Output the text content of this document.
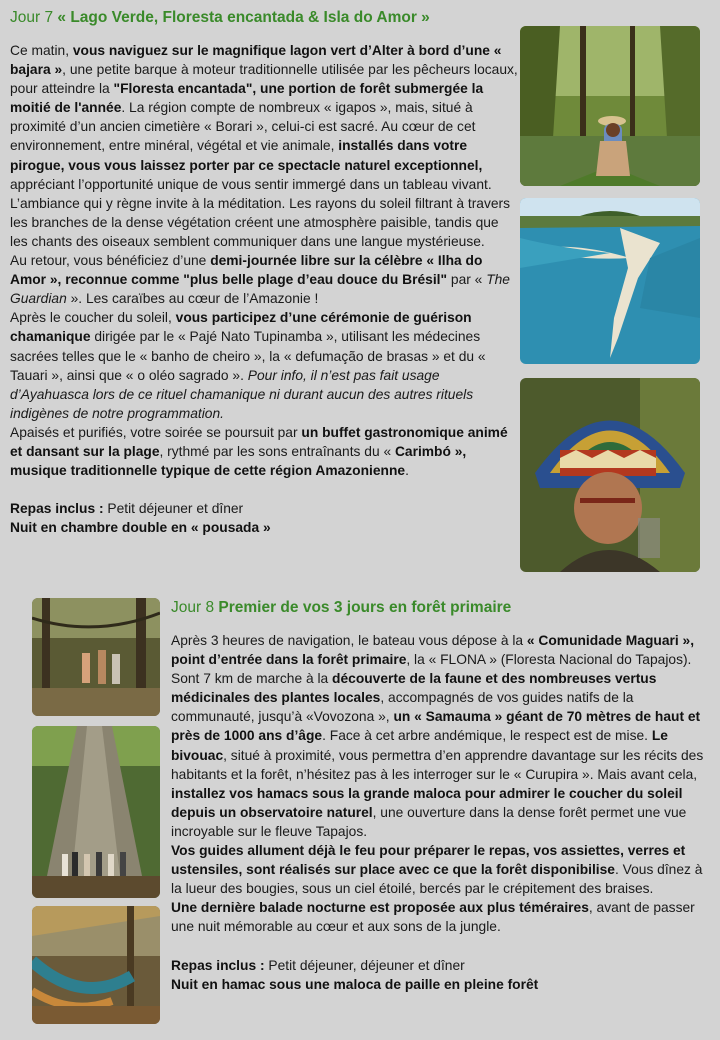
Jour 7 « Lago Verde, Floresta encantada & Isla do Amor »

Ce matin, vous naviguez sur le magnifique lagon vert d’Alter à bord d’une « bajara », une petite barque à moteur traditionnelle utilisée par les pêcheurs locaux, pour atteindre la "Floresta encantada", une portion de forêt submergée la moitié de l'année. La région compte de nombreux « igapos », mais, situé à proximité d’un ancien cimetière « Borari », celui-ci est sacré. Au cœur de cet environnement, entre minéral, végétal et vie animale, installés dans votre pirogue, vous vous laissez porter par ce spectacle naturel exceptionnel, appréciant l’opportunité unique de vous sentir immergé dans un tableau vivant. L’ambiance qui y règne invite à la méditation. Les rayons du soleil filtrant à travers les branches de la dense végétation créent une atmosphère paisible, tandis que les chants des oiseaux semblent communiquer dans une langue mystérieuse.

Au retour, vous bénéficiez d’une demi-journée libre sur la célèbre « Ilha do Amor », reconnue comme "plus belle plage d’eau douce du Brésil" par « The Guardian ». Les caraïbes au cœur de l’Amazonie !

Après le coucher du soleil, vous participez d’une cérémonie de guérison chamanique dirigée par le « Pajé Nato Tupinamba », utilisant les médecines sacrées telles que le « banho de cheiro », la « defumação de brasas » et du « Tauari », ainsi que « o oléo sagrado ». Pour info, il n’est pas fait usage d’Ayahuasca lors de ce rituel chamanique ni durant aucun des autres rituels indigènes de notre programmation.

Apaisés et purifiés, votre soirée se poursuit par un buffet gastronomique animé et dansant sur la plage, rythmé par les sons entraînants du « Carimbó », musique traditionnelle typique de cette région Amazonienne.

Repas inclus : Petit déjeuner et dîner

Nuit en chambre double en « pousada »

Jour 8 Premier de vos 3 jours en forêt primaire

Après 3 heures de navigation, le bateau vous dépose à la « Comunidade Maguari », point d’entrée dans la forêt primaire, la « FLONA » (Floresta Nacional do Tapajos). Sont 7 km de marche à la découverte de la faune et des nombreuses vertus médicinales des plantes locales, accompagnés de vos guides natifs de la communauté, jusqu’à «Vovozona », un « Samauma » géant de 70 mètres de haut et près de 1000 ans d’âge. Face à cet arbre andémique, le respect est de mise. Le bivouac, situé à proximité, vous permettra d’en apprendre davantage sur les récits des habitants et la forêt, n’hésitez pas à les interroger sur le « Curupira ». Mais avant cela, installez vos hamacs sous la grande maloca pour admirer le coucher du soleil depuis un observatoire naturel, une ouverture dans la dense forêt permet une vue incroyable sur le fleuve Tapajos.

Vos guides allument déjà le feu pour préparer le repas, vos assiettes, verres et ustensiles, sont réalisés sur place avec ce que la forêt disponibilise. Vous dînez à la lueur des bougies, sous un ciel étoilé, bercés par le crépitement des braises.

Une dernière balade nocturne est proposée aux plus téméraires, avant de passer une nuit mémorable au cœur et aux sons de la jungle.

Repas inclus : Petit déjeuner, déjeuner et dîner

Nuit en hamac sous une maloca de paille en pleine forêt
